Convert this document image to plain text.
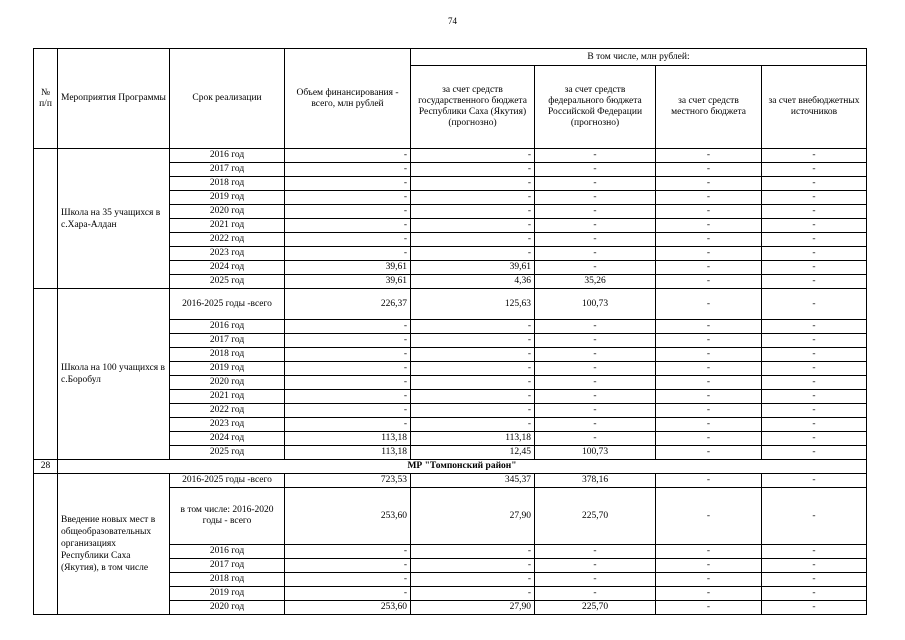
74
№ п/п	Мероприятия Программы	Срок реализации	Объем финансирования - всего, млн рублей	В том числе, млн рублей:			
				за счет средств государственного бюджета Республики Саха (Якутия) (прогнозно)	за счет средств федерального бюджета Российской Федерации (прогнозно)	за счет средств местного бюджета	за счет внебюджетных источников
	Школа на 35 учащихся в с.Хара-Алдан	2016 год	-	-	-	-	-
		2017 год	-	-	-	-	-
		2018 год	-	-	-	-	-
		2019 год	-	-	-	-	-
		2020 год	-	-	-	-	-
		2021 год	-	-	-	-	-
		2022 год	-	-	-	-	-
		2023 год	-	-	-	-	-
		2024 год	39,61	39,61	-	-	-
		2025 год	39,61	4,36	35,26	-	-
	Школа на 100 учащихся в с.Боробул	2016-2025 годы -всего	226,37	125,63	100,73	-	-
		2016 год	-	-	-	-	-
		2017 год	-	-	-	-	-
		2018 год	-	-	-	-	-
		2019 год	-	-	-	-	-
		2020 год	-	-	-	-	-
		2021 год	-	-	-	-	-
		2022 год	-	-	-	-	-
		2023 год	-	-	-	-	-
		2024 год	113,18	113,18	-	-	-
		2025 год	113,18	12,45	100,73	-	-
28	МР "Томпонский район"						
	Введение новых мест в общеобразовательных организациях Республики Саха (Якутия), в том числе	2016-2025 годы -всего	723,53	345,37	378,16	-	-
		в том числе: 2016-2020 годы - всего	253,60	27,90	225,70	-	-
		2016 год	-	-	-	-	-
		2017 год	-	-	-	-	-
		2018 год	-	-	-	-	-
		2019 год	-	-	-	-	-
		2020 год	253,60	27,90	225,70	-	-
